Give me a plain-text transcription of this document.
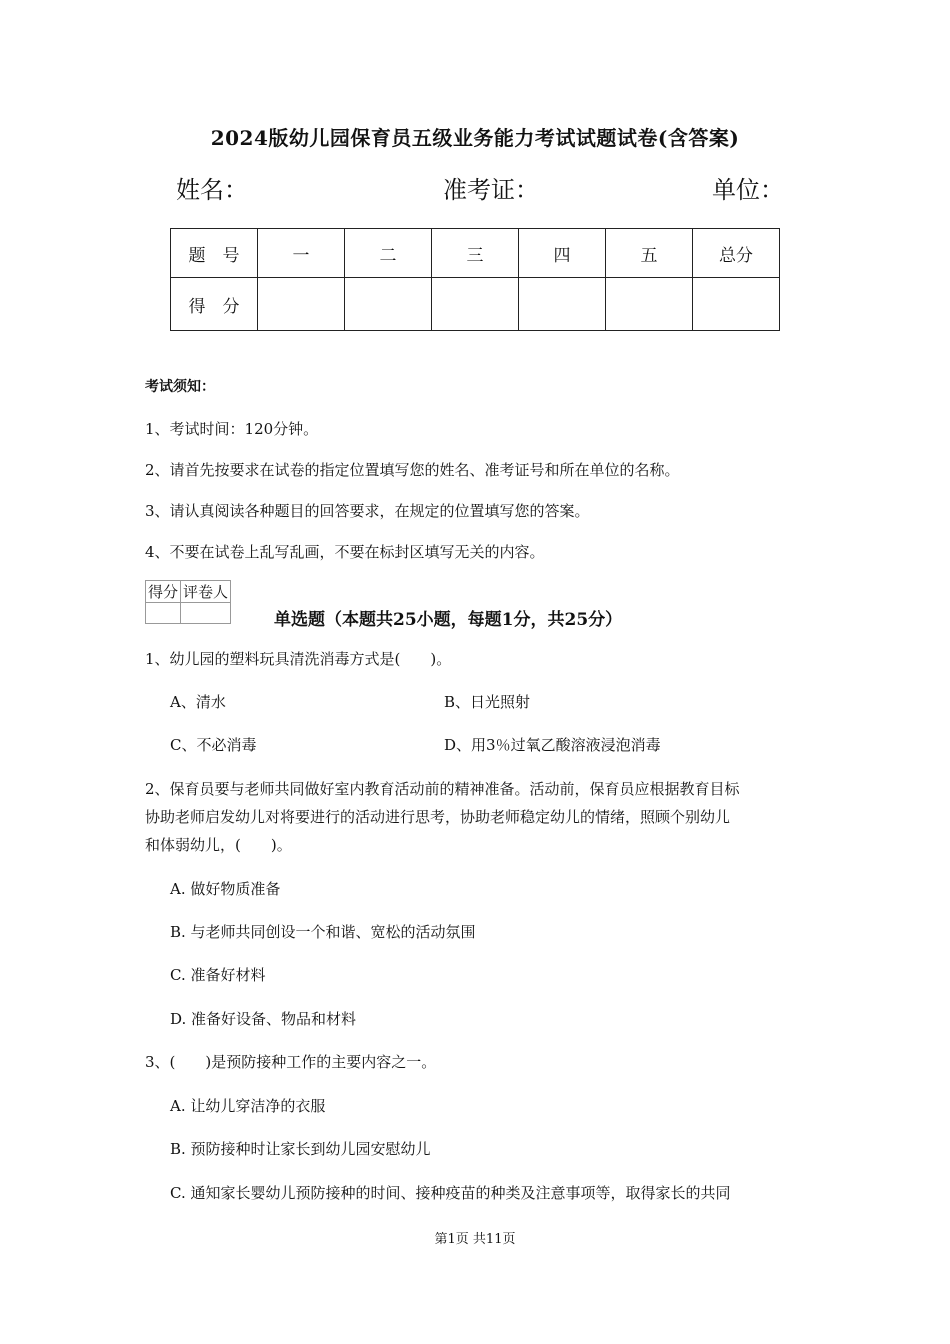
2024版幼儿园保育员五级业务能力考试试题试卷(含答案)
姓名：	准考证：	单位：
题　号	一	二	三	四	五	总分
得　分						
考试须知：
1、考试时间：120分钟。
2、请首先按要求在试卷的指定位置填写您的姓名、准考证号和所在单位的名称。
3、请认真阅读各种题目的回答要求，在规定的位置填写您的答案。
4、不要在试卷上乱写乱画，不要在标封区填写无关的内容。
得分	评卷人

单选题（本题共25小题，每题1分，共25分）
1、幼儿园的塑料玩具清洗消毒方式是(　　)。
A、清水	B、日光照射
C、不必消毒	D、用3％过氧乙酸溶液浸泡消毒
2、保育员要与老师共同做好室内教育活动前的精神准备。活动前，保育员应根据教育目标
协助老师启发幼儿对将要进行的活动进行思考，协助老师稳定幼儿的情绪，照顾个别幼儿
和体弱幼儿，(　　)。
A. 做好物质准备
B. 与老师共同创设一个和谐、宽松的活动氛围
C. 准备好材料
D. 准备好设备、物品和材料
3、(　　)是预防接种工作的主要内容之一。
A. 让幼儿穿洁净的衣服
B. 预防接种时让家长到幼儿园安慰幼儿
C. 通知家长婴幼儿预防接种的时间、接种疫苗的种类及注意事项等，取得家长的共同
第1页 共11页
